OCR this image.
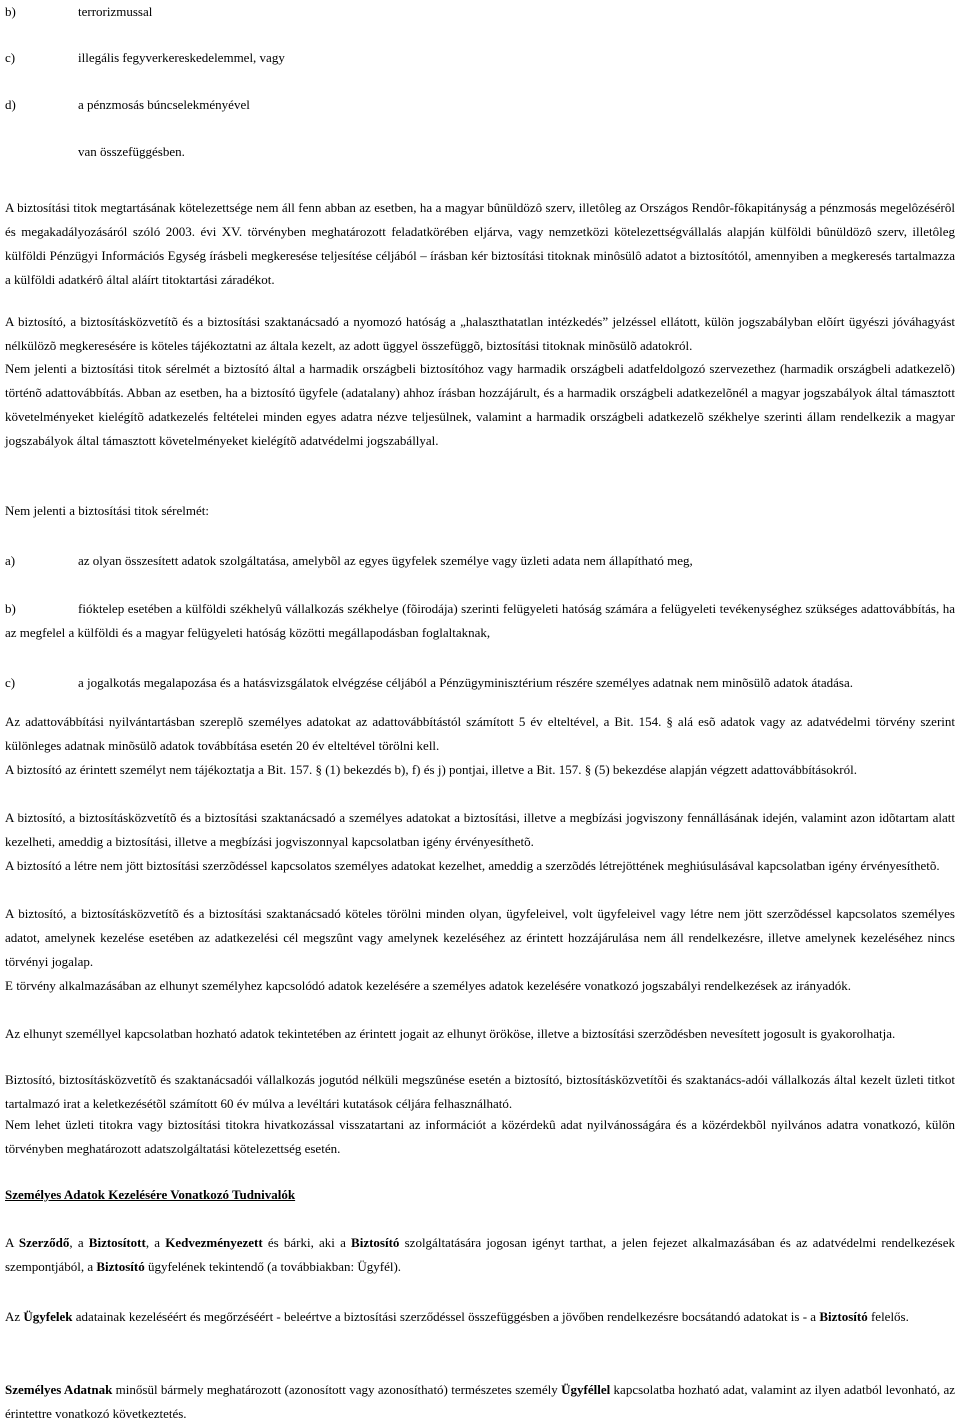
b)	terrorizmussal
c)	illegális fegyverkereskedelemmel, vagy
d)	a pénzmosás búncselekményével

van összefüggésben.

A biztosítási titok megtartásának kötelezettsége nem áll fenn abban az esetben, ha a magyar bûnüldözô szerv, illetôleg az Országos Rendôr-fôkapitányság a pénzmosás megelôzésérôl és megakadályozásáról szóló 2003. évi XV. törvényben meghatározott feladatkörében eljárva, vagy nemzetközi kötelezettségvállalás alapján külföldi bûnüldözô szerv, illetôleg külföldi Pénzügyi Információs Egység írásbeli megkeresése teljesítése céljából – írásban kér biztosítási titoknak minôsülô adatot a biztosítótól, amennyiben a megkeresés tartalmazza a külföldi adatkérô által aláírt titoktartási záradékot.

A biztosító, a biztosításközvetítõ és a biztosítási szaktanácsadó a nyomozó hatóság a „halaszthatatlan intézkedés” jelzéssel ellátott, külön jogszabályban elõírt ügyészi jóváhagyást nélkülözõ megkeresésére is köteles tájékoztatni az általa kezelt, az adott üggyel összefüggõ, biztosítási titoknak minõsülõ adatokról.

Nem jelenti a biztosítási titok sérelmét a biztosító által a harmadik országbeli biztosítóhoz vagy harmadik országbeli adatfeldolgozó szervezethez (harmadik országbeli adatkezelõ) történõ adattovábbítás. Abban az esetben, ha a biztosító ügyfele (adatalany) ahhoz írásban hozzájárult, és a harmadik országbeli adatkezelõnél a magyar jogszabályok által támasztott követelményeket kielégítõ adatkezelés feltételei minden egyes adatra nézve teljesülnek, valamint a harmadik országbeli adatkezelõ székhelye szerinti állam rendelkezik a magyar jogszabályok által támasztott követelményeket kielégítõ adatvédelmi jogszabállyal.

Nem jelenti a biztosítási titok sérelmét:

a)	az olyan összesített adatok szolgáltatása, amelybõl az egyes ügyfelek személye vagy üzleti adata nem állapítható meg,
b)	fióktelep esetében a külföldi székhelyû vállalkozás székhelye (fõirodája) szerinti felügyeleti hatóság számára a felügyeleti tevékenységhez szükséges adattovábbítás, ha az megfelel a külföldi és a magyar felügyeleti hatóság közötti megállapodásban foglaltaknak,
c)	a jogalkotás megalapozása és a hatásvizsgálatok elvégzése céljából a Pénzügyminisztérium részére személyes adatnak nem minõsülõ adatok átadása.

Az adattovábbítási nyilvántartásban szereplõ személyes adatokat az adattovábbítástól számított 5 év elteltével, a Bit. 154. § alá esõ adatok vagy az adatvédelmi törvény szerint különleges adatnak minõsülõ adatok továbbítása esetén 20 év elteltével törölni kell.

A biztosító az érintett személyt nem tájékoztatja a Bit. 157. § (1) bekezdés b), f) és j) pontjai, illetve a Bit. 157. § (5) bekezdése alapján végzett adattovábbításokról.

A biztosító, a biztosításközvetítõ és a biztosítási szaktanácsadó a személyes adatokat a biztosítási, illetve a megbízási jogviszony fennállásának idején, valamint azon idõtartam alatt kezelheti, ameddig a biztosítási, illetve a megbízási jogviszonnyal kapcsolatban igény érvényesíthetõ.

A biztosító a létre nem jött biztosítási szerzõdéssel kapcsolatos személyes adatokat kezelhet, ameddig a szerzõdés létrejöttének meghiúsulásával kapcsolatban igény érvényesíthetõ.

A biztosító, a biztosításközvetítõ és a biztosítási szaktanácsadó köteles törölni minden olyan, ügyfeleivel, volt ügyfeleivel vagy létre nem jött szerzõdéssel kapcsolatos személyes adatot, amelynek kezelése esetében az adatkezelési cél megszûnt vagy amelynek kezeléséhez az érintett hozzájárulása nem áll rendelkezésre, illetve amelynek kezeléséhez nincs törvényi jogalap.

E törvény alkalmazásában az elhunyt személyhez kapcsolódó adatok kezelésére a személyes adatok kezelésére vonatkozó jogszabályi rendelkezések az irányadók.

Az elhunyt személlyel kapcsolatban hozható adatok tekintetében az érintett jogait az elhunyt örököse, illetve a biztosítási szerzõdésben nevesített jogosult is gyakorolhatja.

Biztosító, biztosításközvetítõ és szaktanácsadói vállalkozás jogutód nélküli megszûnése esetén a biztosító, biztosításközvetítõi és szaktanács-adói vállalkozás által kezelt üzleti titkot tartalmazó irat a keletkezésétõl számított 60 év múlva a levéltári kutatások céljára felhasználható.

Nem lehet üzleti titokra vagy biztosítási titokra hivatkozással visszatartani az információt a közérdekû adat nyilvánosságára és a közérdekbõl nyilvános adatra vonatkozó, külön törvényben meghatározott adatszolgáltatási kötelezettség esetén.

Személyes Adatok Kezelésére Vonatkozó Tudnivalók

A Szerződő, a Biztosított, a Kedvezményezett és bárki, aki a Biztosító szolgáltatására jogosan igényt tarthat, a jelen fejezet alkalmazásában és az adatvédelmi rendelkezések szempontjából, a Biztosító ügyfelének tekintendő (a továbbiakban: Ügyfél).

Az Ügyfelek adatainak kezeléséért és megőrzéséért - beleértve a biztosítási szerződéssel összefüggésben a jövőben rendelkezésre bocsátandó adatokat is - a Biztosító felelős.

Személyes Adatnak minősül bármely meghatározott (azonosított vagy azonosítható) természetes személy Ügyféllel kapcsolatba hozható adat, valamint az ilyen adatból levonható, az érintettre vonatkozó következtetés.
